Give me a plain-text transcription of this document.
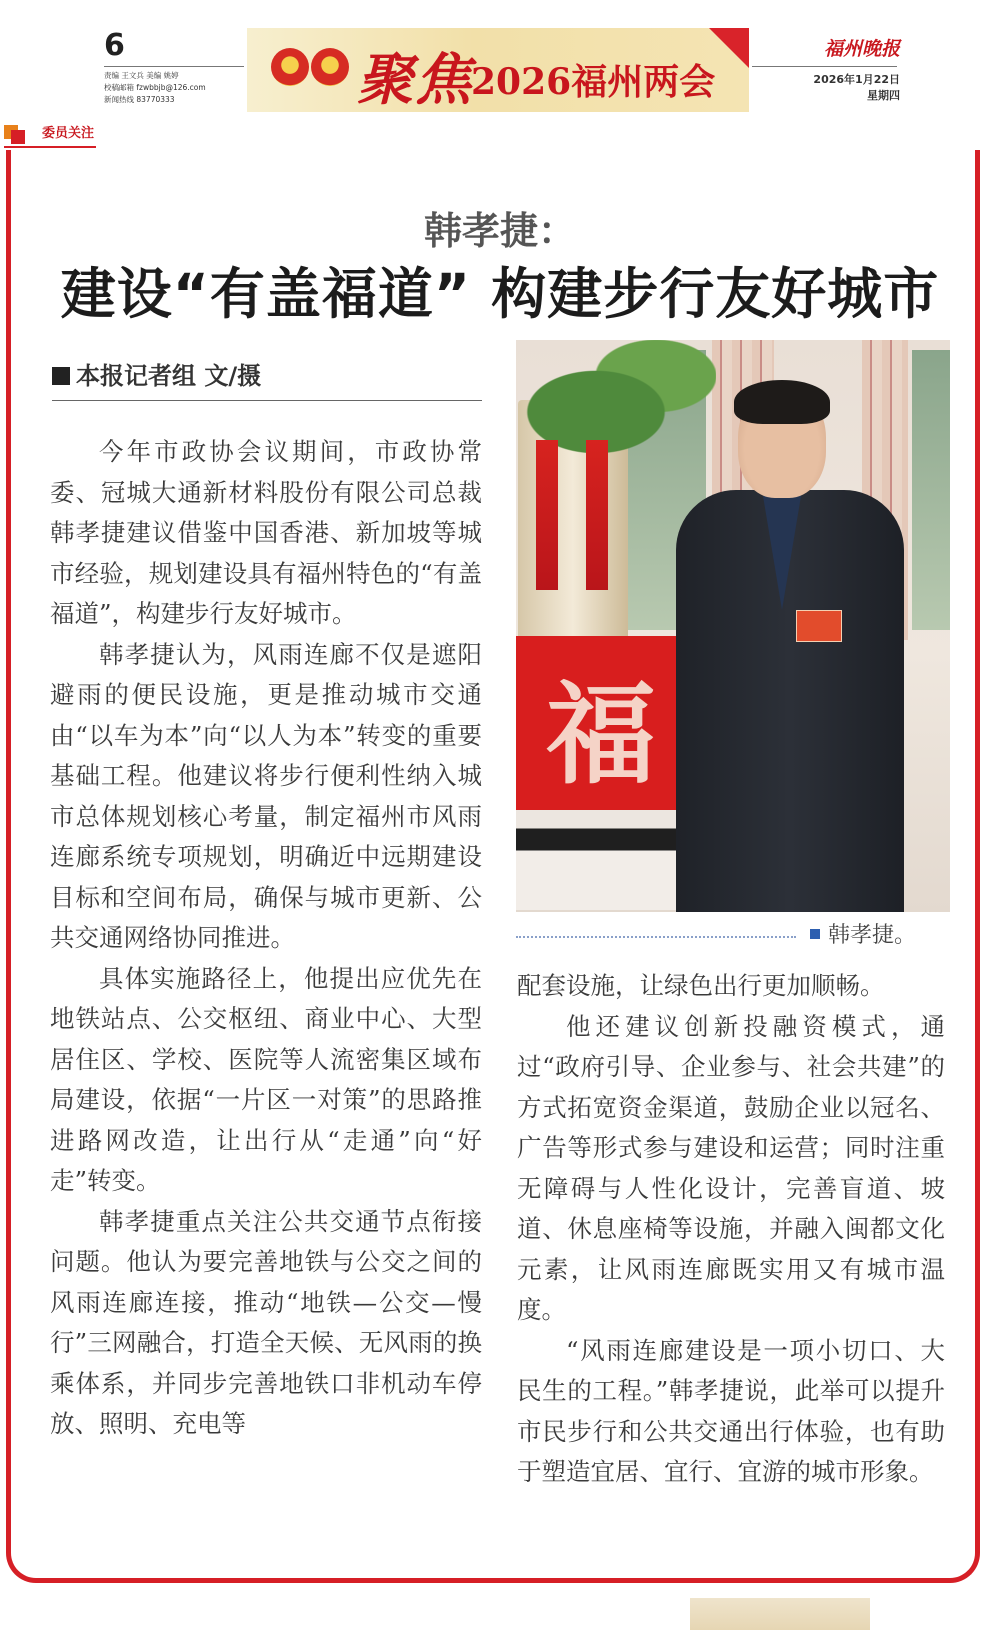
6
责编 王文兵 美编 姚婷
校稿邮箱 fzwbbjb@126.com
新闻热线 83770333	聚焦
2026福州两会
福州晚报
2026年1月22日
星期四
委员关注
韩孝捷：
建设“有盖福道” 构建步行友好城市
本报记者组 文/摄

今年市政协会议期间，市政协常委、冠城大通新材料股份有限公司总裁韩孝捷建议借鉴中国香港、新加坡等城市经验，规划建设具有福州特色的“有盖福道”，构建步行友好城市。

韩孝捷认为，风雨连廊不仅是遮阳避雨的便民设施，更是推动城市交通由“以车为本”向“以人为本”转变的重要基础工程。他建议将步行便利性纳入城市总体规划核心考量，制定福州市风雨连廊系统专项规划，明确近中远期建设目标和空间布局，确保与城市更新、公共交通网络协同推进。

具体实施路径上，他提出应优先在地铁站点、公交枢纽、商业中心、大型居住区、学校、医院等人流密集区域布局建设，依据“一片区一对策”的思路推进路网改造，让出行从“走通”向“好走”转变。

韩孝捷重点关注公共交通节点衔接问题。他认为要完善地铁与公交之间的风雨连廊连接，推动“地铁—公交—慢行”三网融合，打造全天候、无风雨的换乘体系，并同步完善地铁口非机动车停放、照明、充电等

福
韩孝捷。

配套设施，让绿色出行更加顺畅。

他还建议创新投融资模式，通过“政府引导、企业参与、社会共建”的方式拓宽资金渠道，鼓励企业以冠名、广告等形式参与建设和运营；同时注重无障碍与人性化设计，完善盲道、坡道、休息座椅等设施，并融入闽都文化元素，让风雨连廊既实用又有城市温度。

“风雨连廊建设是一项小切口、大民生的工程。”韩孝捷说，此举可以提升市民步行和公共交通出行体验，也有助于塑造宜居、宜行、宜游的城市形象。
